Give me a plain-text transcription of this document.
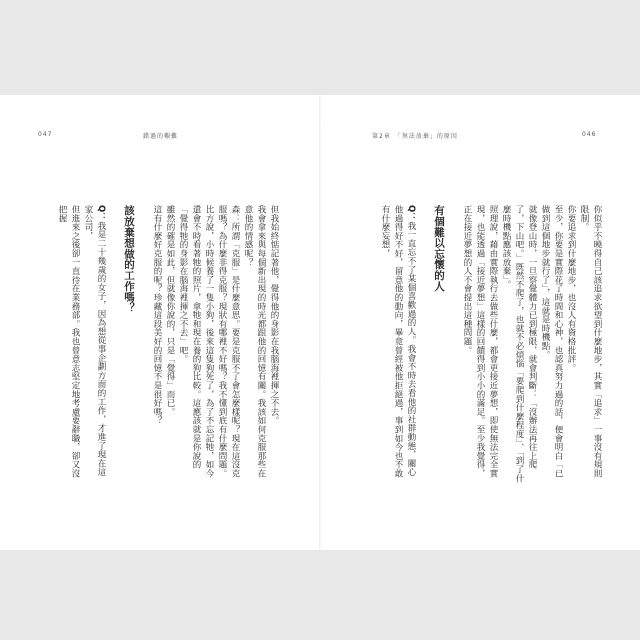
047	錯過的艱難

但我始終惦記著他，覺得他的身影在我腦海裡揮之不去。

我會拿來與每個新出現的時光都跟他的回憶有關。我該如何克服那些在意他的情感呢？

森：所謂「克服」是什麼意思。要是克服不了會怎麼樣呢？現在這沒克服嗎？為什麼非得克服？現狀有哪裡不好嗎？我不懂到底有什麼問題。

比方說，小時候養了一隻小狗，後來這隻狗死了，為了不忘記牠，如今還會不時看著牠的照片，拿牠和現在養的狗比較。這應該就是你說的「覺得牠的身影在腦海裡揮之不去」吧。

雖然的確是如此，但就像你說的，只是「覺得」而已。

這有什麼好克服的呢？珍藏這段美好的回憶不是很好嗎？

該放棄想做的工作嗎？

Q：我是二十幾歲的女子，因為想從事企劃方面的工作，才進了現在這家公司，

但進來之後卻一直待在業務部。我也曾意志堅定地考慮要辭職，卻又沒把握

第2章　「無法放棄」的原因	046

你似乎不曉得自己該追求欲望到什麼地步，其實「追求」一事沒有規則限制。

你要追求到什麼地步，也沒人有資格批評。

至少，你要是實際花了時間和心神，也認真努力過的話，便會明白「已做到這個地步就行了」，這就是時機點。

就像登山時，一旦察覺體力已到極限，就會判斷：「沒辦法再往上爬了，下山吧。」既然不爬了，也就不必煩惱「要爬到什麼程度」、「到了什麼時機點應該放棄」。

照理說，藉由實際執行去做些什麼，都會更接近夢想，即使無法完全實現，也能透過「接近夢想」這樣的回饋得到小小的滿足。至少我覺得，正在接近夢想的人不會提出這種問題。

有個難以忘懷的人

Q：我一直忘不了某個喜歡過的人。我會不時去看他的社群動態，關心他過得好不好，留意他的動向，畢竟曾經被他拒絕過，事到如今也不敢有什麼妄想，
